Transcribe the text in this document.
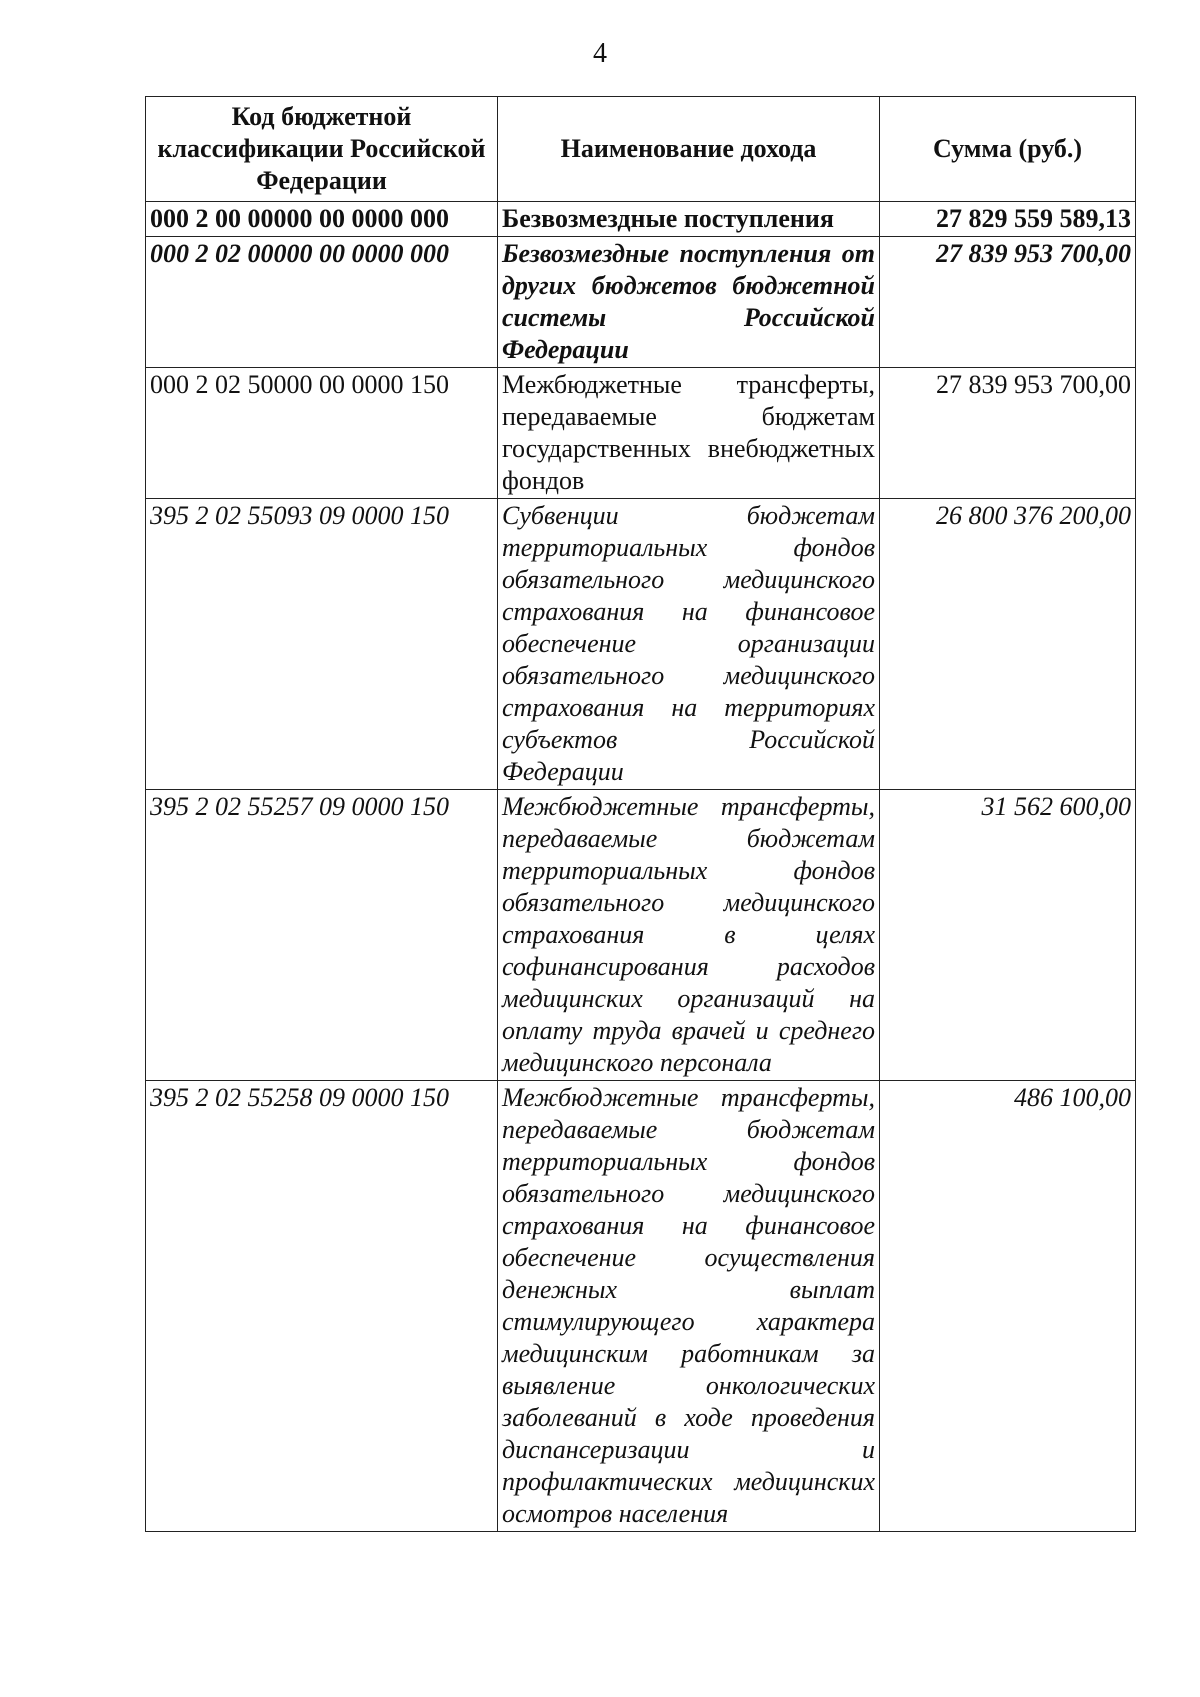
4
Код бюджетной классификации Российской Федерации	Наименование дохода	Сумма (руб.)
000 2 00 00000 00 0000 000	Безвозмездные поступления	27 829 559 589,13
000 2 02 00000 00 0000 000	Безвозмездные поступления от других бюджетов бюджетной системы Российской Федерации	27 839 953 700,00
000 2 02 50000 00 0000 150	Межбюджетные трансферты, передаваемые бюджетам государственных внебюджетных фондов	27 839 953 700,00
395 2 02 55093 09 0000 150	Субвенции бюджетам территориальных фондов обязательного медицинского страхования на финансовое обеспечение организации обязательного медицинского страхования на территориях субъектов Российской Федерации	26 800 376 200,00
395 2 02 55257 09 0000 150	Межбюджетные трансферты, передаваемые бюджетам территориальных фондов обязательного медицинского страхования в целях софинансирования расходов медицинских организаций на оплату труда врачей и среднего медицинского персонала	31 562 600,00
395 2 02 55258 09 0000 150	Межбюджетные трансферты, передаваемые бюджетам территориальных фондов обязательного медицинского страхования на финансовое обеспечение осуществления денежных выплат стимулирующего характера медицинским работникам за выявление онкологических заболеваний в ходе проведения диспансеризации и профилактических медицинских осмотров населения	486 100,00
